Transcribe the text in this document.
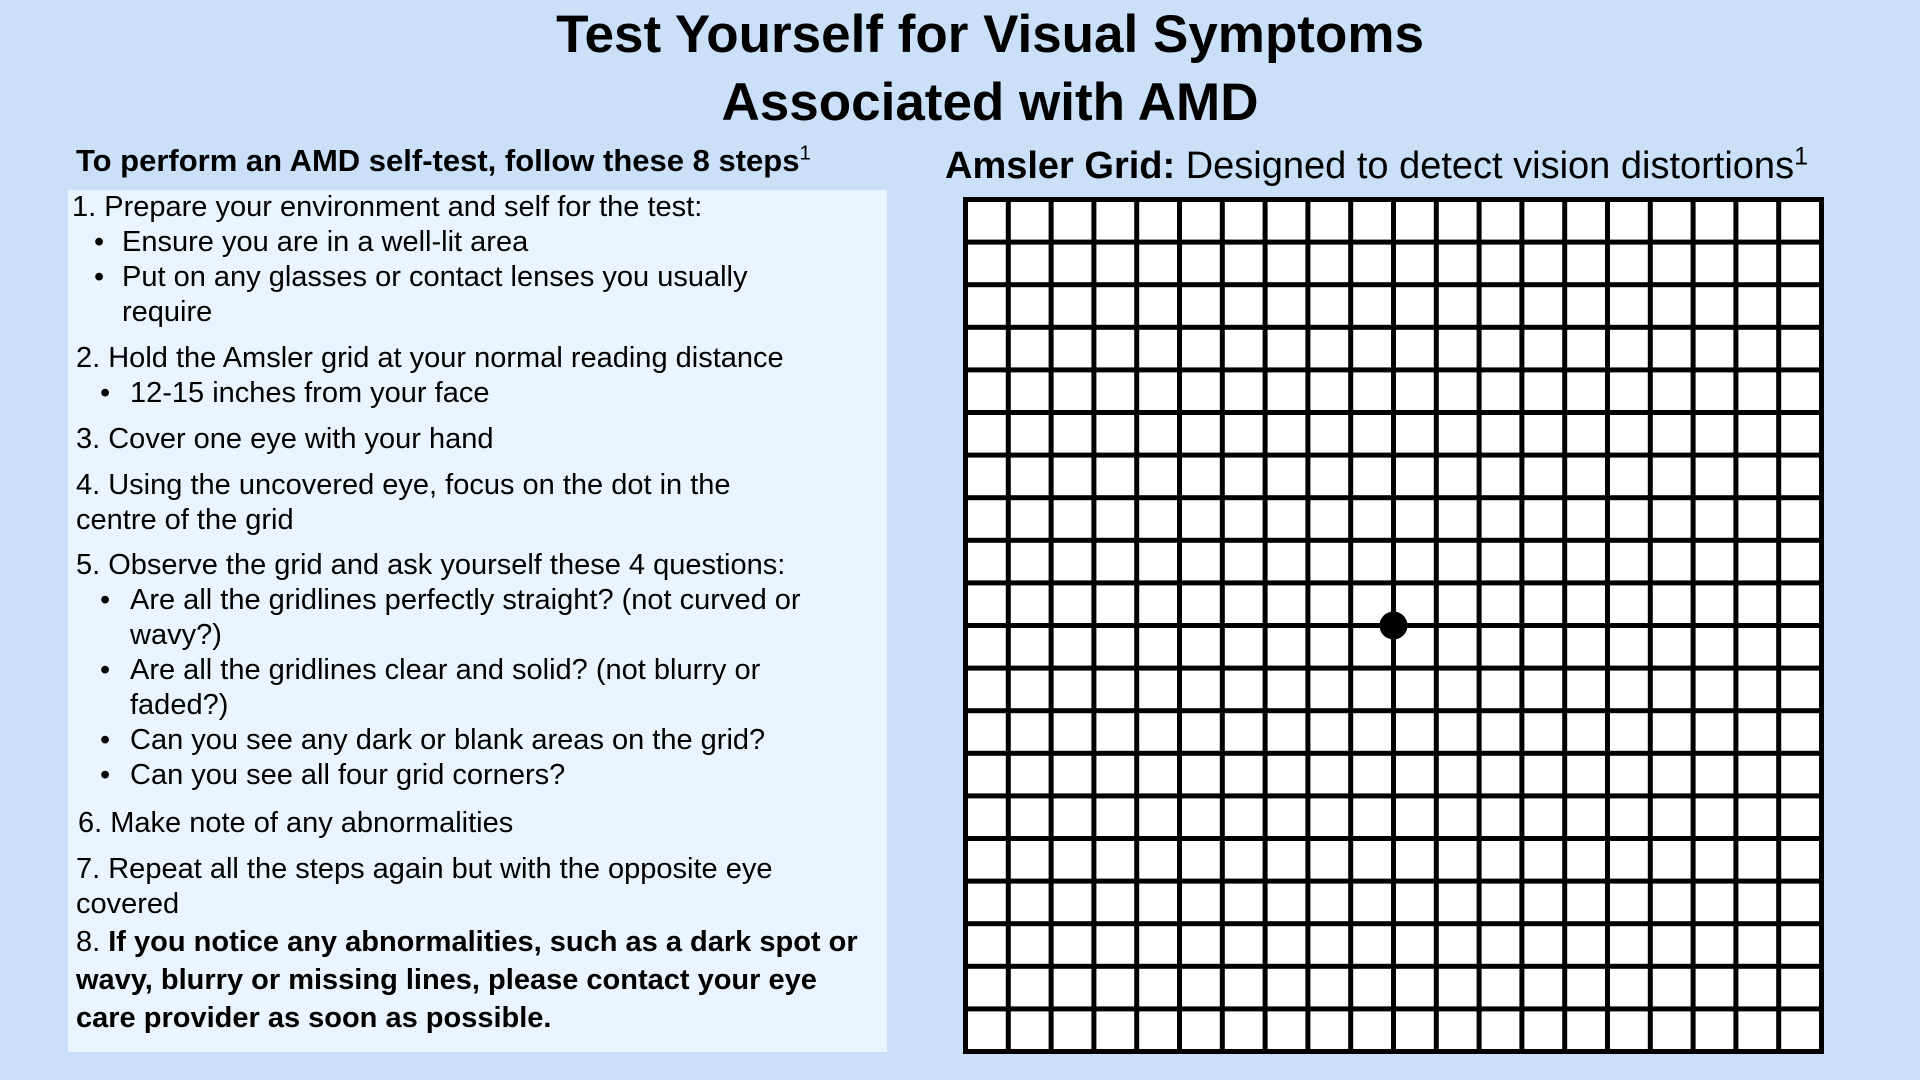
Test Yourself for Visual Symptoms
Associated with AMD
To perform an AMD self-test, follow these 8 steps$^1$
1. Prepare your environment and self for the test:
• Ensure you are in a well-lit area
• Put on any glasses or contact lenses you usually require
2. Hold the Amsler grid at your normal reading distance
• 12-15 inches from your face
3. Cover one eye with your hand
4. Using the uncovered eye, focus on the dot in the centre of the grid
5. Observe the grid and ask yourself these 4 questions:
• Are all the gridlines perfectly straight? (not curved or wavy?)
• Are all the gridlines clear and solid? (not blurry or faded?)
• Can you see any dark or blank areas on the grid?
• Can you see all four grid corners?
6. Make note of any abnormalities
7. Repeat all the steps again but with the opposite eye covered
8. If you notice any abnormalities, such as a dark spot or wavy, blurry or missing lines, please contact your eye care provider as soon as possible.
Amsler Grid: Designed to detect vision distortions$^1$
